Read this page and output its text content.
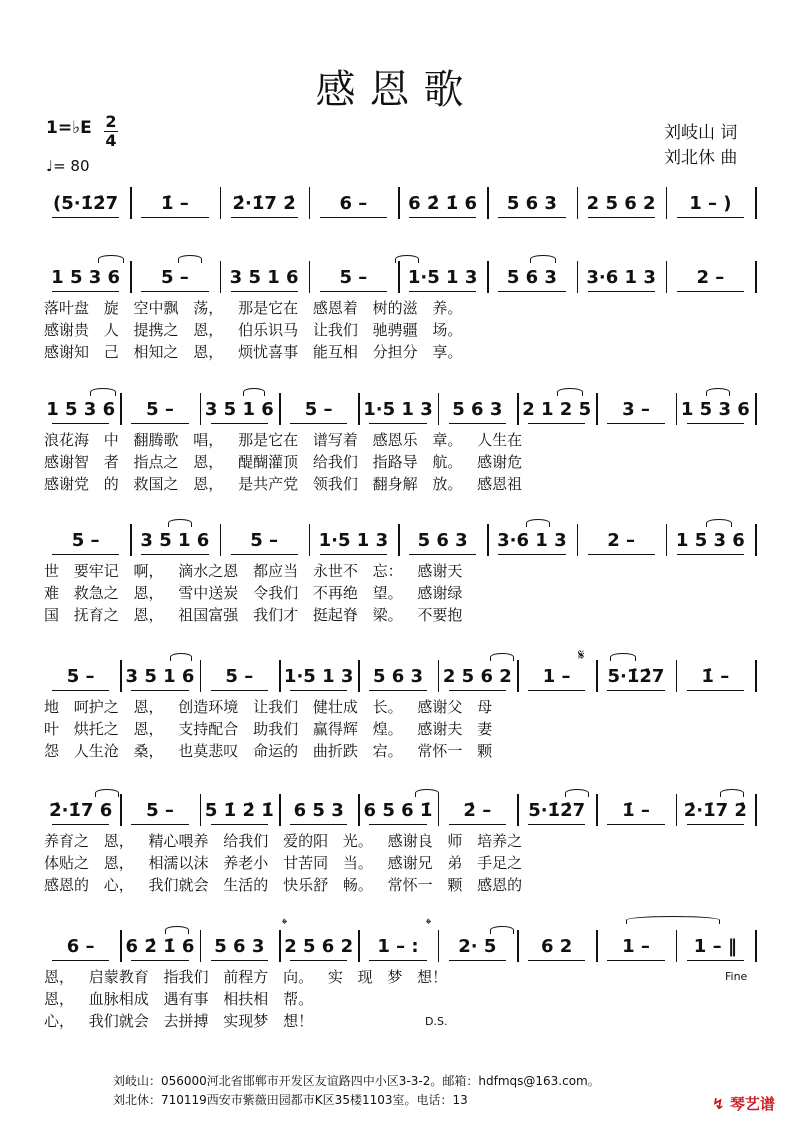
感恩歌
1=♭E 2
4
♩= 80
刘岐山 词
刘北休 曲
(5·1̇2̇7	1̇ –	2̇·1̇7 2̇	6 –	6 2̇ 1̇ 6	5 6 3	2 5 6 2	1 – )
1 5 3 6	5 –	3 5 1 6	5 –	1·5 1 3	5 6 3	3·6 1 3	2 –
落叶盘 旋 空中飘 荡， 那是它在 感恩着 树的滋 养。
感谢贵 人 提携之 恩， 伯乐识马 让我们 驰骋疆 场。
感谢知 己 相知之 恩， 烦忧喜事 能互相 分担分 享。
1 5 3 6	5 –	3 5 1 6	5 –	1·5 1 3	5 6 3	2 1 2 5	3 –	1 5 3 6
浪花海 中 翻腾歌 唱， 那是它在 谱写着 感恩乐 章。 人生在
感谢智 者 指点之 恩， 醍醐灌顶 给我们 指路导 航。 感谢危
感谢党 的 救国之 恩， 是共产党 领我们 翻身解 放。 感恩祖
5 –	3 5 1 6	5 –	1·5 1 3	5 6 3	3·6 1 3	2 –	1 5 3 6
世 要牢记 啊， 滴水之恩 都应当 永世不 忘： 感谢天
难 救急之 恩， 雪中送炭 令我们 不再绝 望。 感谢绿
国 抚育之 恩， 祖国富强 我们才 挺起脊 梁。 不要抱
5 –	3 5 1 6	5 –	1·5 1 3	5 6 3	2 5 6 2	1 –	5·1̇2̇7	1̇ –
地 呵护之 恩， 创造环境 让我们 健壮成 长。 感谢父 母
叶 烘托之 恩， 支持配合 助我们 赢得辉 煌。 感谢夫 妻
怨 人生沧 桑， 也莫悲叹 命运的 曲折跌 宕。 常怀一 颗
2̇·1̇7 6	5 –	5 1̇ 2̇ 1̇	6 5 3	6 5 6 1̇	2̇ –	5·1̇2̇7	1̇ –	2̇·1̇7 2̇
养育之 恩， 精心喂养 给我们 爱的阳 光。 感谢良 师 培养之
体贴之 恩， 相濡以沫 养老小 甘苦同 当。 感谢兄 弟 手足之
感恩的 心， 我们就会 生活的 快乐舒 畅。 常怀一 颗 感恩的
6 –	6 2̇ 1̇ 6	5 6 3	2 5 6 2	1 – :	2· 5	6 2	1 –	1 – ‖
恩， 启蒙教育 指我们 前程方 向。 实 现 梦 想！
恩， 血脉相成 遇有事 相扶相 帮。
心， 我们就会 去拼搏 实现梦 想！
𝄋
𝄌	𝄌
Fine
D.S.
刘岐山：056000河北省邯郸市开发区友谊路四中小区3-3-2。邮箱：hdfmqs@163.com。
刘北休：710119西安市紫薇田园都市K区35楼1103室。电话：13	↯ 琴艺谱
